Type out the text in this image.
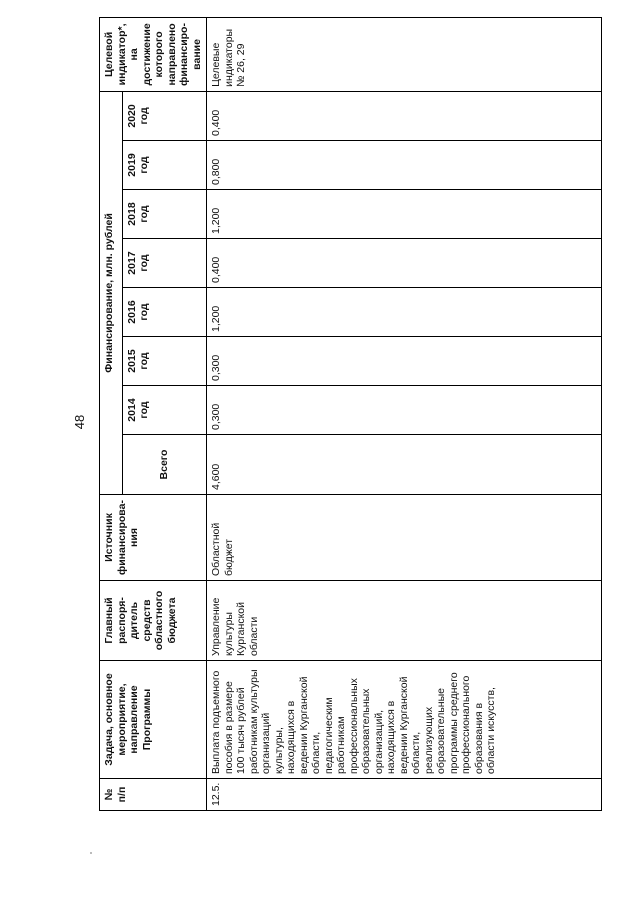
48
№ п/п	Задача, основное мероприятие, направление Программы	Главный распоря-дитель средств областного бюджета	Источник финансирова-ния	Финансирование, млн. рублей								Целевой индикатор*, на достижение которого направлено финансиро-вание
				Всего	2014 год	2015 год	2016 год	2017 год	2018 год	2019 год	2020 год	
12.5.	Выплата подъемного пособия в размере 100 тысяч рублей работникам культуры организаций культуры, находящихся в ведении Курганской области, педагогическим работникам профессиональных образовательных организаций, находящихся в ведении Курганской области, реализующих образовательные программы среднего профессионального образования в области искусств,	Управление культуры Курганской области	Областной бюджет	4,600	0,300	0,300	1,200	0,400	1,200	0,800	0,400	Целевые индикаторы № 26, 29
